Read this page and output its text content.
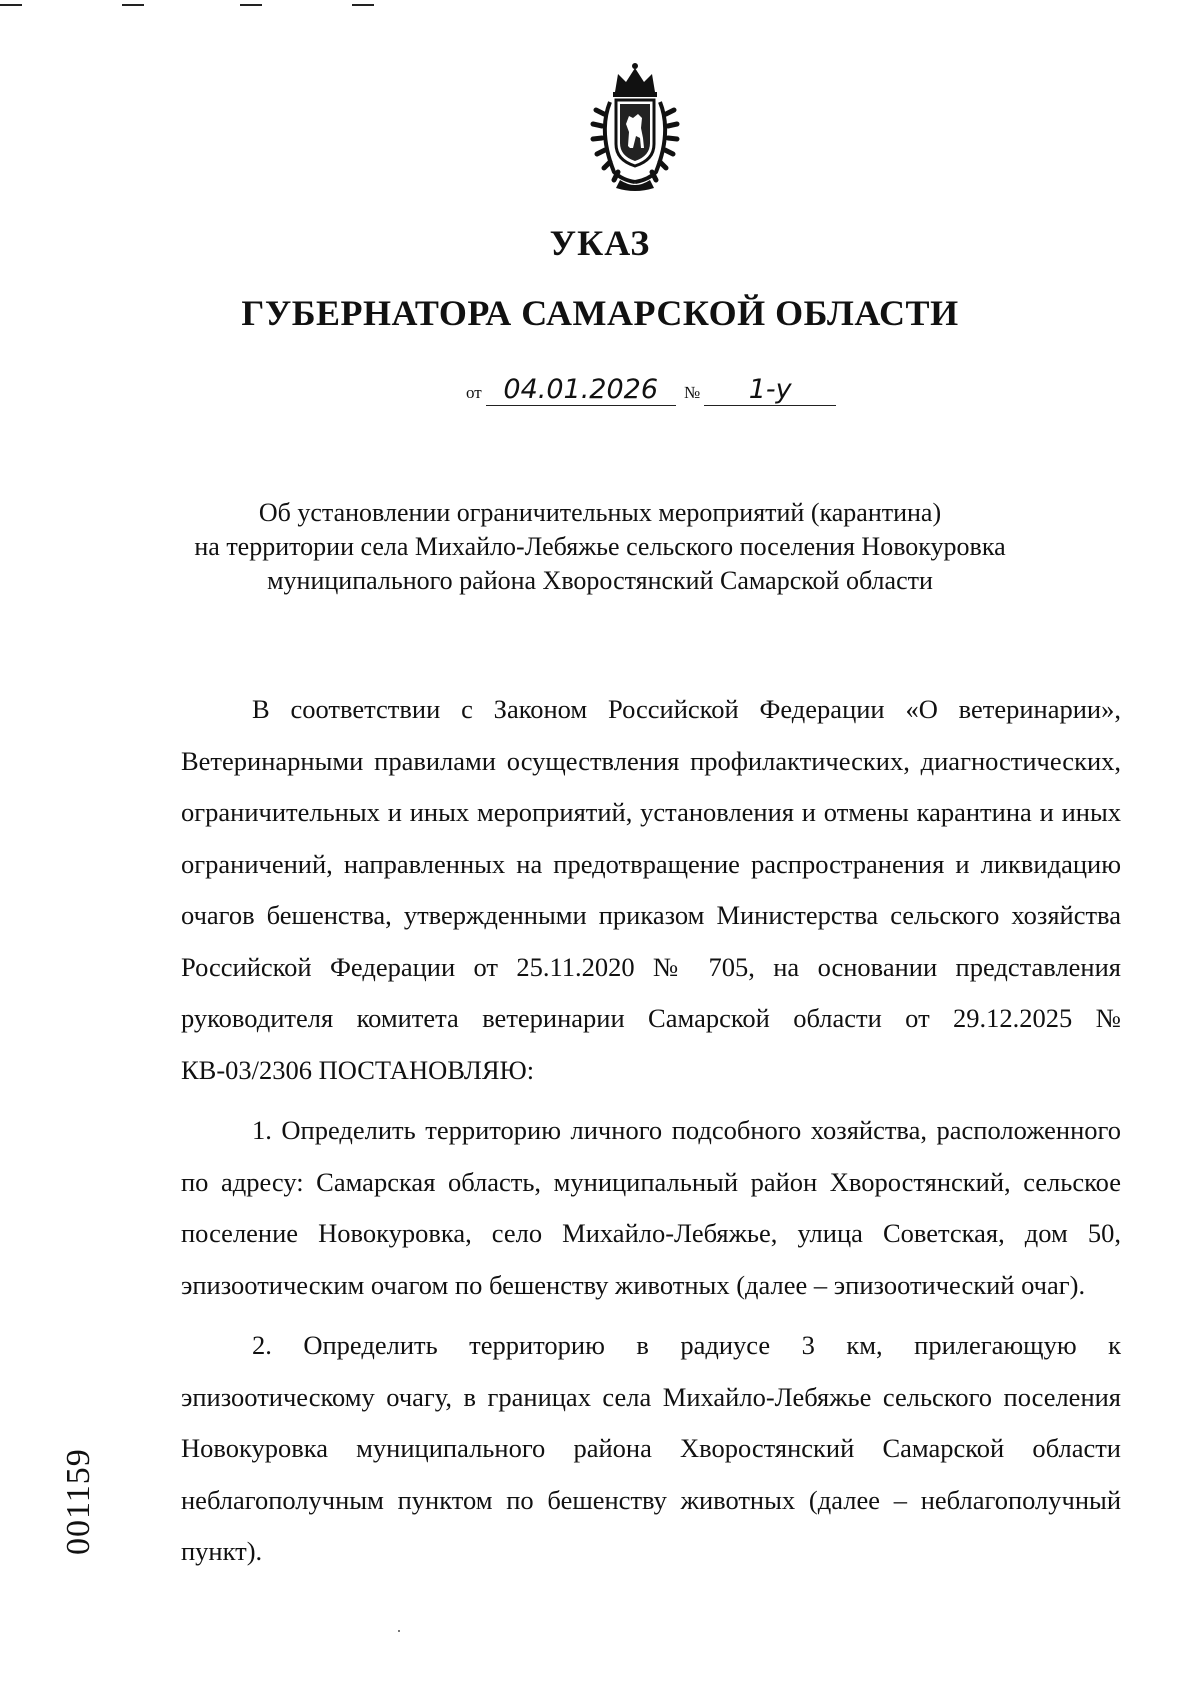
УКАЗ
ГУБЕРНАТОРА САМАРСКОЙ ОБЛАСТИ
от 04.01.2026 № 1-у
Об установлении ограничительных мероприятий (карантина)
на территории села Михайло-Лебяжье сельского поселения Новокуровка
муниципального района Хворостянский Самарской области

В соответствии с Законом Российской Федерации «О ветеринарии», Ветеринарными правилами осуществления профилактических, диагностических, ограничительных и иных мероприятий, установления и отмены карантина и иных ограничений, направленных на предотвращение распространения и ликвидацию очагов бешенства, утвержденными приказом Министерства сельского хозяйства Российской Федерации от 25.11.2020 № 705, на основании представления руководителя комитета ветеринарии Самарской области от 29.12.2025 № КВ-03/2306 ПОСТАНОВЛЯЮ:

1. Определить территорию личного подсобного хозяйства, расположенного по адресу: Самарская область, муниципальный район Хворостянский, сельское поселение Новокуровка, село Михайло-Лебяжье, улица Советская, дом 50, эпизоотическим очагом по бешенству животных (далее – эпизоотический очаг).

2. Определить территорию в радиусе 3 км, прилегающую к эпизоотическому очагу, в границах села Михайло-Лебяжье сельского поселения Новокуровка муниципального района Хворостянский Самарской области неблагополучным пунктом по бешенству животных (далее – неблагополучный пункт).

001159
